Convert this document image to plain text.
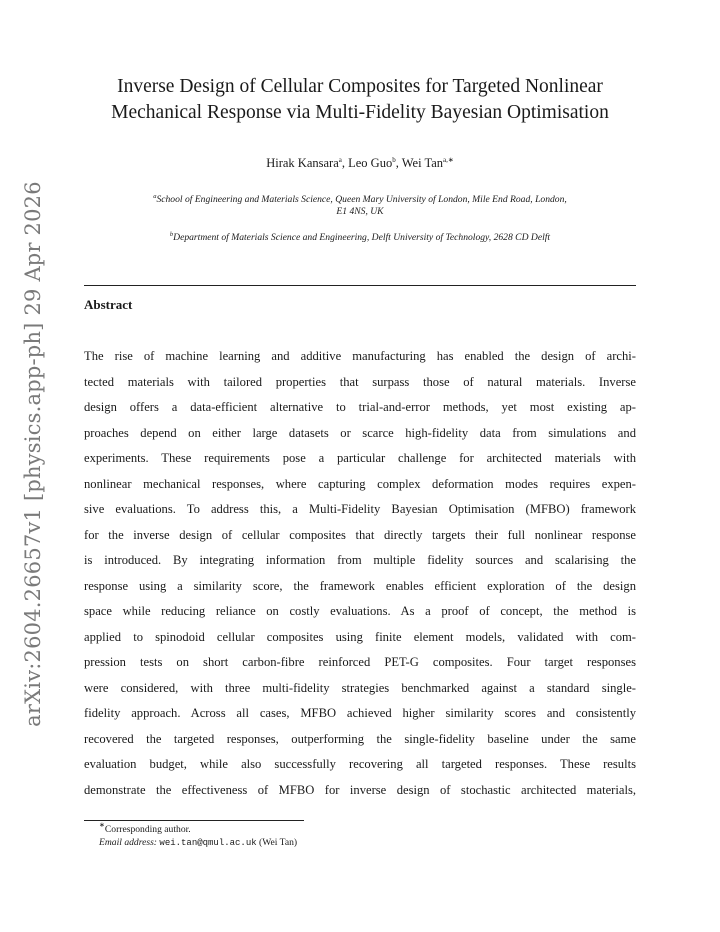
arXiv:2604.26657v1 [physics.app-ph] 29 Apr 2026
Inverse Design of Cellular Composites for Targeted Nonlinear
Mechanical Response via Multi-Fidelity Bayesian Optimisation
Hirak Kansara$^a$, Leo Guo$^b$, Wei Tan$^{a,∗}$
$^a$School of Engineering and Materials Science, Queen Mary University of London, Mile End Road, London,
E1 4NS, UK
$^b$Department of Materials Science and Engineering, Delft University of Technology, 2628 CD Delft
Abstract
The rise of machine learning and additive manufacturing has enabled the design of archi-
tected materials with tailored properties that surpass those of natural materials. Inverse
design offers a data-efficient alternative to trial-and-error methods, yet most existing ap-
proaches depend on either large datasets or scarce high-fidelity data from simulations and
experiments. These requirements pose a particular challenge for architected materials with
nonlinear mechanical responses, where capturing complex deformation modes requires expen-
sive evaluations. To address this, a Multi-Fidelity Bayesian Optimisation (MFBO) framework
for the inverse design of cellular composites that directly targets their full nonlinear response
is introduced. By integrating information from multiple fidelity sources and scalarising the
response using a similarity score, the framework enables efficient exploration of the design
space while reducing reliance on costly evaluations. As a proof of concept, the method is
applied to spinodoid cellular composites using finite element models, validated with com-
pression tests on short carbon-fibre reinforced PET-G composites. Four target responses
were considered, with three multi-fidelity strategies benchmarked against a standard single-
fidelity approach. Across all cases, MFBO achieved higher similarity scores and consistently
recovered the targeted responses, outperforming the single-fidelity baseline under the same
evaluation budget, while also successfully recovering all targeted responses. These results
demonstrate the effectiveness of MFBO for inverse design of stochastic architected materials,
∗Corresponding author.
Email address: wei.tan@qmul.ac.uk (Wei Tan)
